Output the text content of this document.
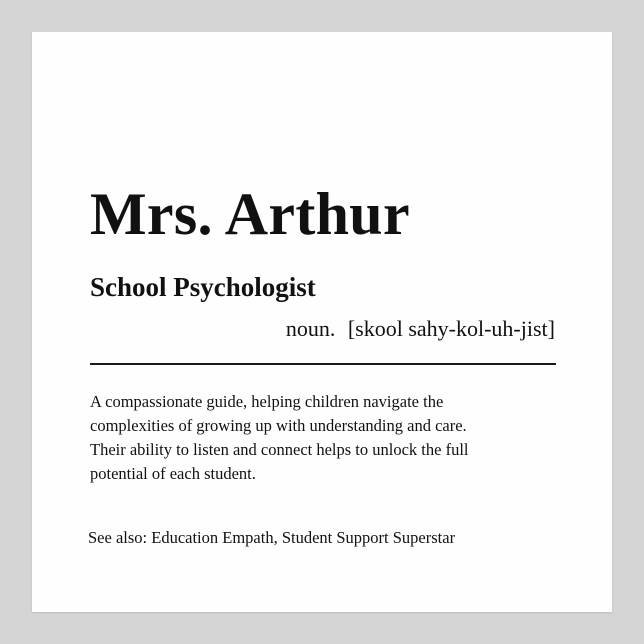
Mrs. Arthur
School Psychologist
noun. [skool sahy-kol-uh-jist]

A compassionate guide, helping children navigate the
complexities of growing up with understanding and care.
Their ability to listen and connect helps to unlock the full
potential of each student.

See also: Education Empath, Student Support Superstar
